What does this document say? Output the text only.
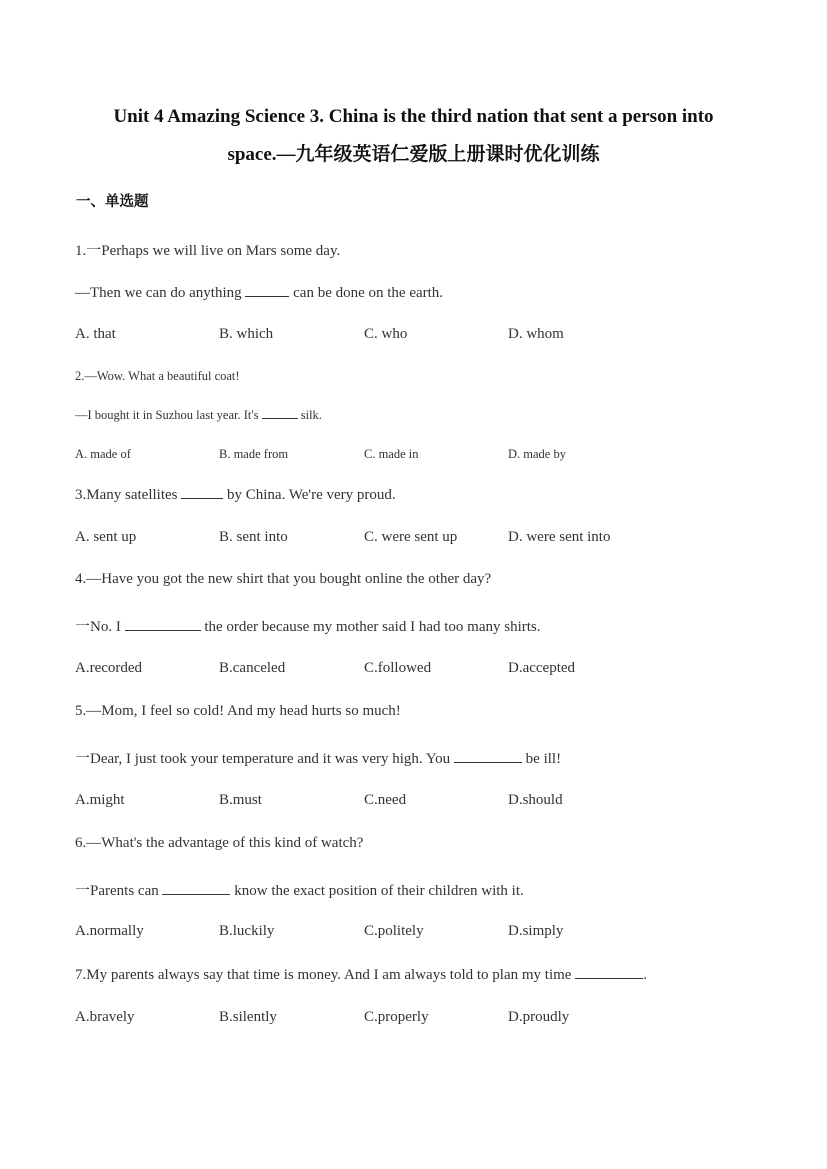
Unit 4 Amazing Science 3. China is the third nation that sent a person into
space.—九年级英语仁爱版上册课时优化训练
一、单选题
1.一Perhaps we will live on Mars some day.
—Then we can do anything	can be done on the earth.
A. that	B. which	C. who	D. whom
2.—Wow. What a beautiful coat!
—I bought it in Suzhou last year. It's	silk.
A. made of	B. made from	C. made in	D. made by
3.Many satellites	by China. We're very proud.
A. sent up	B. sent into	C. were sent up	D. were sent into
4.—Have you got the new shirt that you bought online the other day?
一No. I	the order because my mother said I had too many shirts.
A.recorded	B.canceled	C.followed	D.accepted
5.—Mom, I feel so cold! And my head hurts so much!
一Dear, I just took your temperature and it was very high. You	be ill!
A.might	B.must	C.need	D.should
6.—What's the advantage of this kind of watch?
一Parents can	know the exact position of their children with it.
A.normally	B.luckily	C.politely	D.simply
7.My parents always say that time is money. And I am always told to plan my time	.
A.bravely	B.silently	C.properly	D.proudly
